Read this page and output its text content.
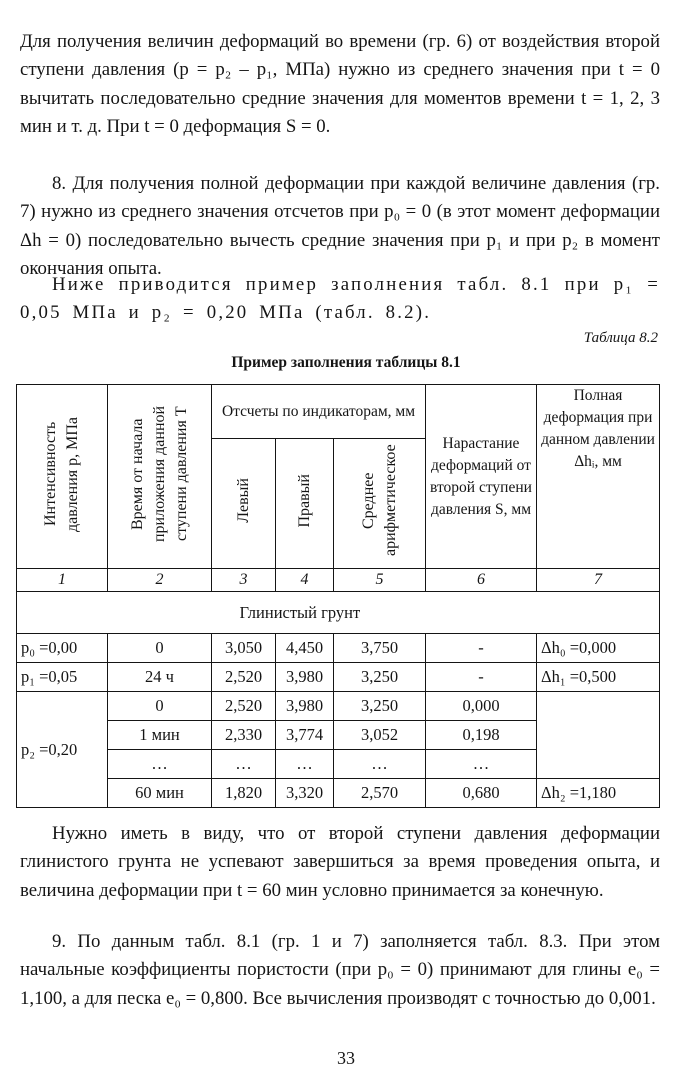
Для получения величин деформаций во времени (гр. 6) от воздействия второй ступени давления (p = p₂ – p₁, МПа) нужно из среднего значения при t = 0 вычитать последовательно средние значения для моментов времени t = 1, 2, 3 мин и т. д. При t = 0 деформация S = 0.

8. Для получения полной деформации при каждой величине давления (гр. 7) нужно из среднего значения отсчетов при p₀ = 0 (в этот момент деформации Δh = 0) последовательно вычесть средние значения при p₁ и при p₂ в момент окончания опыта.

Ниже приводится пример заполнения табл. 8.1 при p₁ = 0,05 МПа и p₂ = 0,20 МПа (табл. 8.2).

Таблица 8.2
Пример заполнения таблицы 8.1
Интенсивность давления p, МПа	Время от начала приложения данной ступени давления T	Отсчеты по индикаторам, мм			Нарастание деформаций от второй ступени давления S, мм	Полная деформация при данном давлении Δhᵢ, мм
		Левый	Правый	Среднее арифметическое		
1	2	3	4	5	6	7
	Глинистый грунт					
p₀ =0,00	0	3,050	4,450	3,750	-	Δh₀ =0,000
p₁ =0,05	24 ч	2,520	3,980	3,250	-	Δh₁ =0,500
p₂ =0,20	0	2,520	3,980	3,250	0,000	
	1 мин	2,330	3,774	3,052	0,198	
	…	…	…	…	…	
	60 мин	1,820	3,320	2,570	0,680	Δh₂ =1,180

Нужно иметь в виду, что от второй ступени давления деформации глинистого грунта не успевают завершиться за время проведения опыта, и величина деформации при t = 60 мин условно принимается за конечную.

9. По данным табл. 8.1 (гр. 1 и 7) заполняется табл. 8.3. При этом начальные коэффициенты пористости (при p₀ = 0) принимают для глины e₀ = 1,100, а для песка e₀ = 0,800. Все вычисления производят с точностью до 0,001.

33
